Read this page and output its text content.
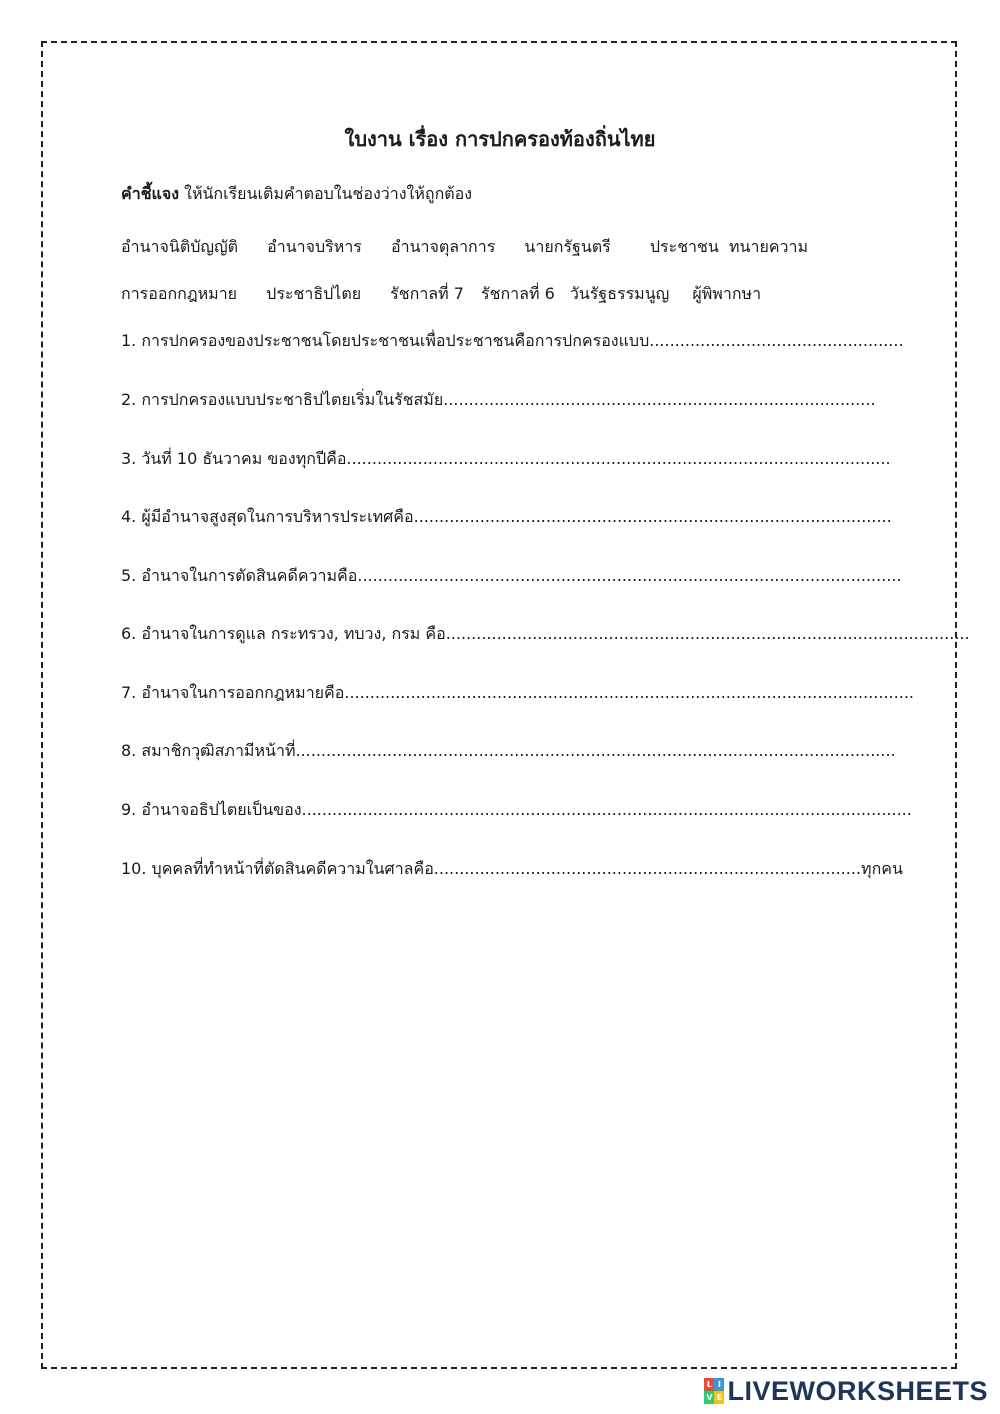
ใบงาน เรื่อง การปกครองท้องถิ่นไทย
คำชี้แจง ให้นักเรียนเติมคำตอบในช่องว่างให้ถูกต้อง
อำนาจนิติบัญญัติ อำนาจบริหาร อำนาจตุลาการ นายกรัฐนตรี ประชาชน  ทนายความ
การออกกฎหมาย ประชาธิปไตย รัชกาลที่ 7 รัชกาลที่ 6 วันรัฐธรรมนูญ ผู้พิพากษา
1. การปกครองของประชาชนโดยประชาชนเพื่อประชาชนคือการปกครองแบบ..................................................
2. การปกครองแบบประชาธิปไตยเริ่มในรัชสมัย.....................................................................................
3. วันที่ 10 ธันวาคม ของทุกปีคือ...........................................................................................................
4. ผู้มีอำนาจสูงสุดในการบริหารประเทศคือ..............................................................................................
5. อำนาจในการตัดสินคดีความคือ...........................................................................................................
6. อำนาจในการดูแล กระทรวง, ทบวง, กรม คือ.......................................................................................................
7. อำนาจในการออกกฎหมายคือ................................................................................................................
8. สมาชิกวุฒิสภามีหน้าที่......................................................................................................................
9. อำนาจอธิปไตยเป็นของ........................................................................................................................
10. บุคคลที่ทำหน้าที่ตัดสินคดีความในศาลคือ....................................................................................ทุกคน
L I
V E LIVEWORKSHEETS
